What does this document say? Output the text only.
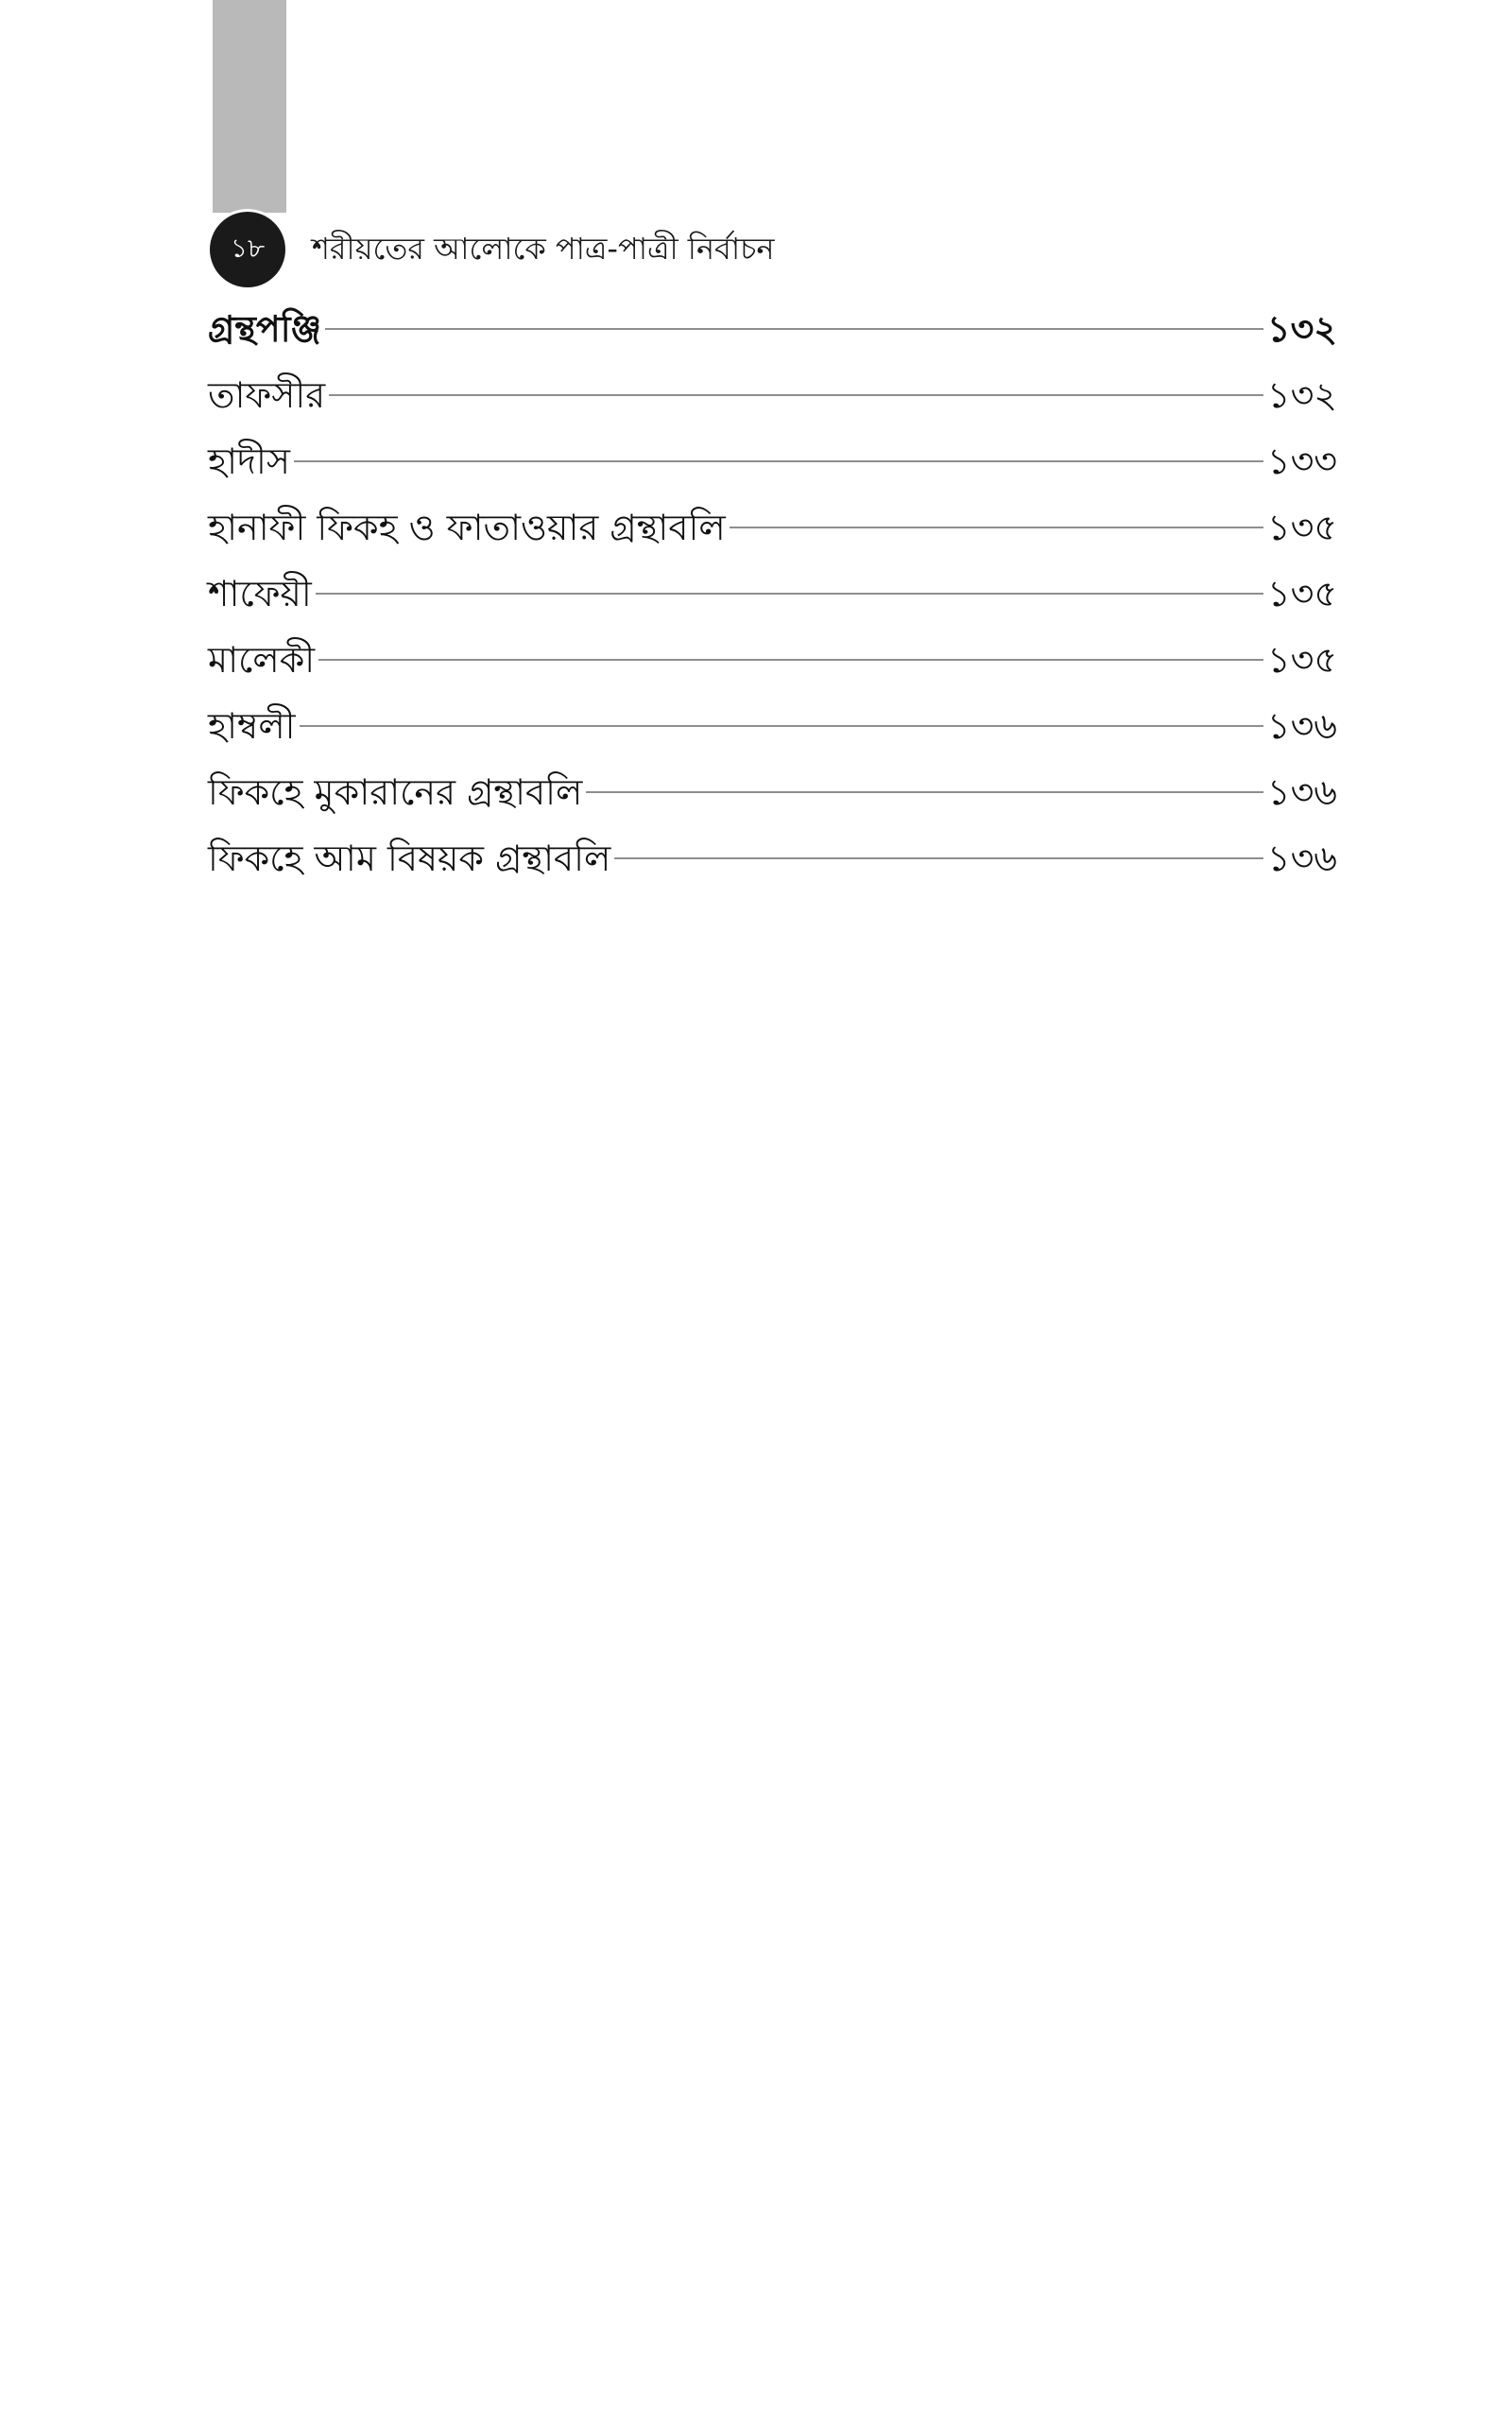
১৮ শরীয়তের আলোকে পাত্র-পাত্রী নির্বাচন
গ্রন্থপঞ্জি	১৩২
তাফসীর	১৩২
হাদীস	১৩৩
হানাফী ফিকহ ও ফাতাওয়ার গ্রন্থাবলি	১৩৫
শাফেয়ী	১৩৫
মালেকী	১৩৫
হাম্বলী	১৩৬
ফিকহে মুকারানের গ্রন্থাবলি	১৩৬
ফিকহে আম বিষয়ক গ্রন্থাবলি	১৩৬
